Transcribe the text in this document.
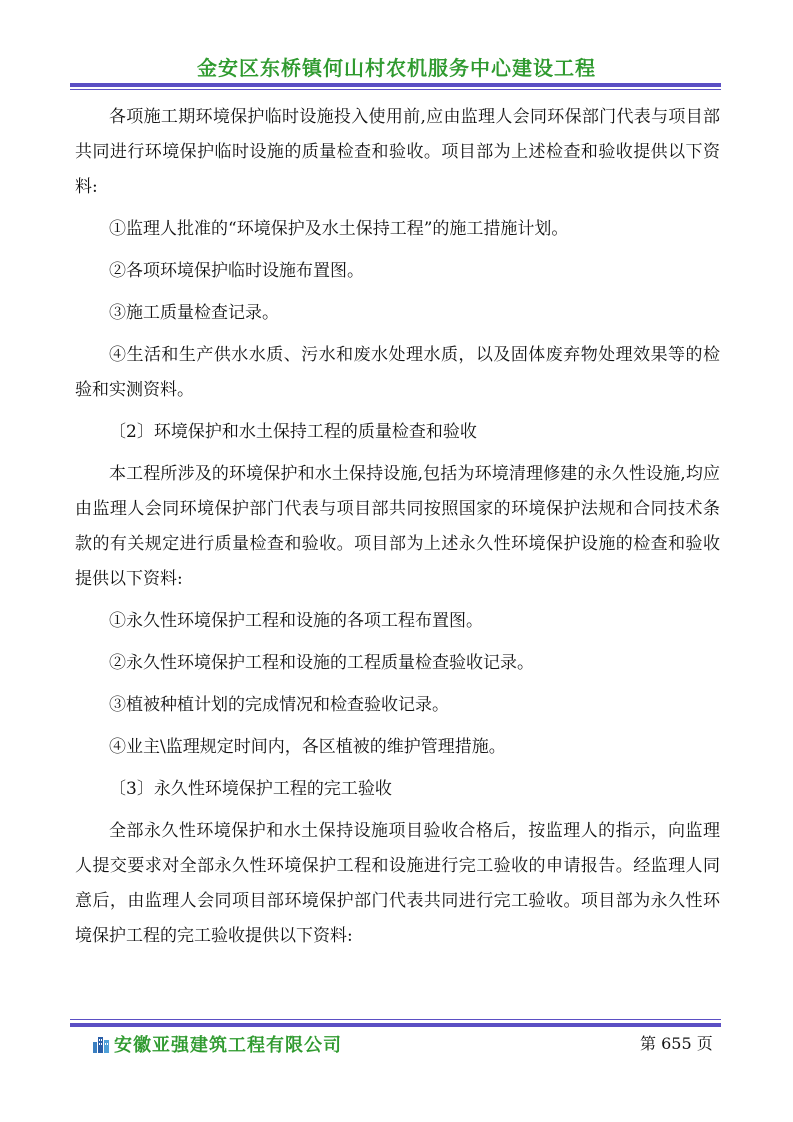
金安区东桥镇何山村农机服务中心建设工程

各项施工期环境保护临时设施投入使用前,应由监理人会同环保部门代表与项目部共同进行环境保护临时设施的质量检查和验收。项目部为上述检查和验收提供以下资料:

①监理人批准的“环境保护及水土保持工程”的施工措施计划。

②各项环境保护临时设施布置图。

③施工质量检查记录。

④生活和生产供水水质、污水和废水处理水质，以及固体废弃物处理效果等的检验和实测资料。

〔2〕环境保护和水土保持工程的质量检查和验收

本工程所涉及的环境保护和水土保持设施,包括为环境清理修建的永久性设施,均应由监理人会同环境保护部门代表与项目部共同按照国家的环境保护法规和合同技术条款的有关规定进行质量检查和验收。项目部为上述永久性环境保护设施的检查和验收提供以下资料:

①永久性环境保护工程和设施的各项工程布置图。

②永久性环境保护工程和设施的工程质量检查验收记录。

③植被种植计划的完成情况和检查验收记录。

④业主\监理规定时间内，各区植被的维护管理措施。

〔3〕永久性环境保护工程的完工验收

全部永久性环境保护和水土保持设施项目验收合格后，按监理人的指示，向监理人提交要求对全部永久性环境保护工程和设施进行完工验收的申请报告。经监理人同意后，由监理人会同项目部环境保护部门代表共同进行完工验收。项目部为永久性环境保护工程的完工验收提供以下资料:

安徽亚强建筑工程有限公司	第 655 页
